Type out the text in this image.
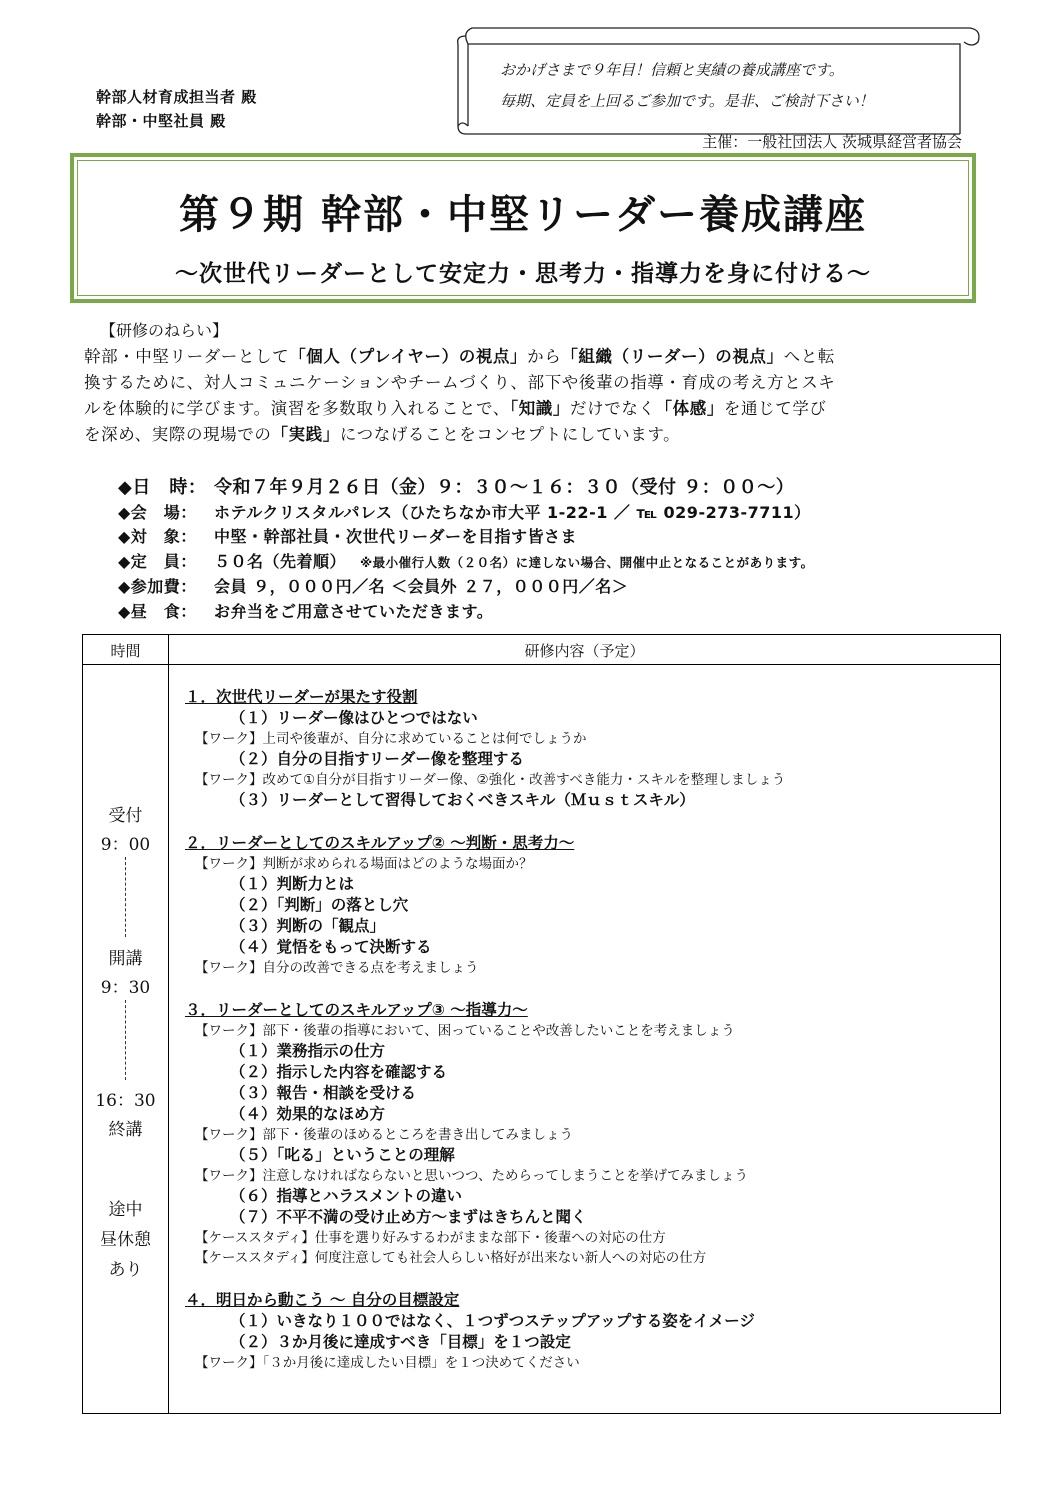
幹部人材育成担当者 殿
幹部・中堅社員 殿
おかげさまで９年目！信頼と実績の養成講座です。
毎期、定員を上回るご参加です。是非、ご検討下さい！
主催：一般社団法人 茨城県経営者協会
第９期 幹部・中堅リーダー養成講座
～次世代リーダーとして安定力・思考力・指導力を身に付ける～
【研修のねらい】
幹部・中堅リーダーとして「個人（プレイヤー）の視点」から「組織（リーダー）の視点」へと転
換するために、対人コミュニケーションやチームづくり、部下や後輩の指導・育成の考え方とスキ
ルを体験的に学びます。演習を多数取り入れることで、「知識」だけでなく「体感」を通じて学び
を深め、実際の現場での「実践」につなげることをコンセプトにしています。
◆日　時： 令和７年９月２６日（金）９：３０～１６：３０（受付 ９：００～）
◆会　場： ホテルクリスタルパレス（ひたちなか市大平 1-22-1 ／ ℡ 029-273-7711）
◆対　象： 中堅・幹部社員・次世代リーダーを目指す皆さま
◆定　員： ５０名（先着順） ※最小催行人数（２０名）に達しない場合、開催中止となることがあります。
◆参加費： 会員 ９，０００円／名 ＜会員外 ２７，０００円／名＞
◆昼　食： お弁当をご用意させていただきます。
時間	研修内容（予定）
受付
9：00
開講
9：30
16：30
終講
途中
昼休憩
あり
１．次世代リーダーが果たす役割
（１）リーダー像はひとつではない
【ワーク】上司や後輩が、自分に求めていることは何でしょうか
（２）自分の目指すリーダー像を整理する
【ワーク】改めて①自分が目指すリーダー像、②強化・改善すべき能力・スキルを整理しましょう
（３）リーダーとして習得しておくべきスキル（Ｍｕｓｔスキル）
２．リーダーとしてのスキルアップ② ～判断・思考力～
【ワーク】判断が求められる場面はどのような場面か？
（１）判断力とは
（２）「判断」の落とし穴
（３）判断の「観点」
（４）覚悟をもって決断する
【ワーク】自分の改善できる点を考えましょう
３．リーダーとしてのスキルアップ③ ～指導力～
【ワーク】部下・後輩の指導において、困っていることや改善したいことを考えましょう
（１）業務指示の仕方
（２）指示した内容を確認する
（３）報告・相談を受ける
（４）効果的なほめ方
【ワーク】部下・後輩のほめるところを書き出してみましょう
（５）「叱る」ということの理解
【ワーク】注意しなければならないと思いつつ、ためらってしまうことを挙げてみましょう
（６）指導とハラスメントの違い
（７）不平不満の受け止め方～まずはきちんと聞く
【ケーススタディ】仕事を選り好みするわがままな部下・後輩への対応の仕方
【ケーススタディ】何度注意しても社会人らしい格好が出来ない新人への対応の仕方
４．明日から動こう ～ 自分の目標設定
（１）いきなり１００ではなく、１つずつステップアップする姿をイメージ
（２）３か月後に達成すべき「目標」を１つ設定
【ワーク】「３か月後に達成したい目標」を１つ決めてください
